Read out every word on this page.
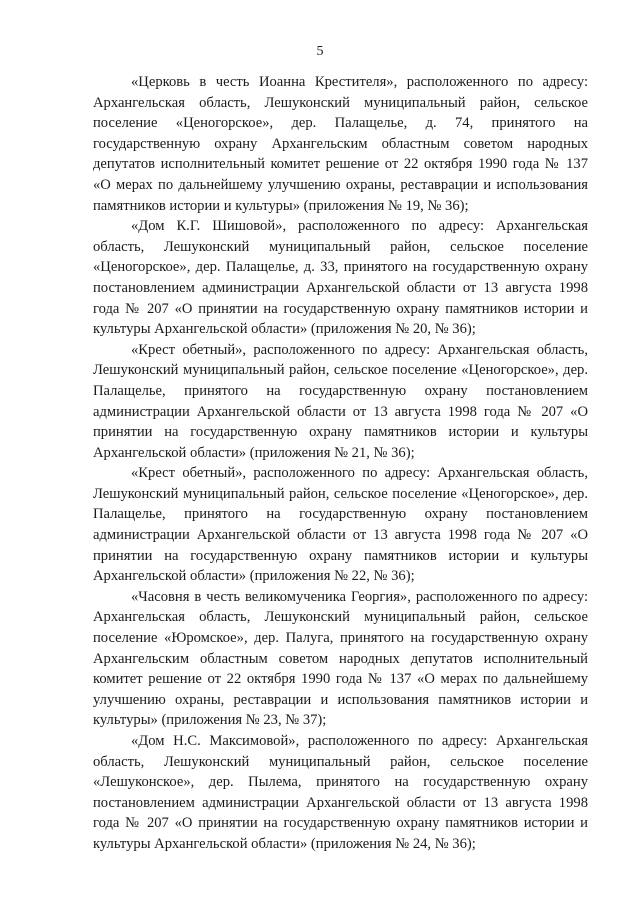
5

«Церковь в честь Иоанна Крестителя», расположенного по адресу: Архангельская область, Лешуконский муниципальный район, сельское поселение «Ценогорское», дер. Палащелье, д. 74, принятого на государственную охрану Архангельским областным советом народных депутатов исполнительный комитет решение от 22 октября 1990 года № 137 «О мерах по дальнейшему улучшению охраны, реставрации и использования памятников истории и культуры» (приложения № 19, № 36);

«Дом К.Г. Шишовой», расположенного по адресу: Архангельская область, Лешуконский муниципальный район, сельское поселение «Ценогорское», дер. Палащелье, д. 33, принятого на государственную охрану постановлением администрации Архангельской области от 13 августа 1998 года № 207 «О принятии на государственную охрану памятников истории и культуры Архангельской области» (приложения № 20, № 36);

«Крест обетный», расположенного по адресу: Архангельская область, Лешуконский муниципальный район, сельское поселение «Ценогорское», дер. Палащелье, принятого на государственную охрану постановлением администрации Архангельской области от 13 августа 1998 года № 207 «О принятии на государственную охрану памятников истории и культуры Архангельской области» (приложения № 21, № 36);

«Крест обетный», расположенного по адресу: Архангельская область, Лешуконский муниципальный район, сельское поселение «Ценогорское», дер. Палащелье, принятого на государственную охрану постановлением администрации Архангельской области от 13 августа 1998 года № 207 «О принятии на государственную охрану памятников истории и культуры Архангельской области» (приложения № 22, № 36);

«Часовня в честь великомученика Георгия», расположенного по адресу: Архангельская область, Лешуконский муниципальный район, сельское поселение «Юромское», дер. Палуга, принятого на государственную охрану Архангельским областным советом народных депутатов исполнительный комитет решение от 22 октября 1990 года № 137 «О мерах по дальнейшему улучшению охраны, реставрации и использования памятников истории и культуры» (приложения № 23, № 37);

«Дом Н.С. Максимовой», расположенного по адресу: Архангельская область, Лешуконский муниципальный район, сельское поселение «Лешуконское», дер. Пылема, принятого на государственную охрану постановлением администрации Архангельской области от 13 августа 1998 года № 207 «О принятии на государственную охрану памятников истории и культуры Архангельской области» (приложения № 24, № 36);
